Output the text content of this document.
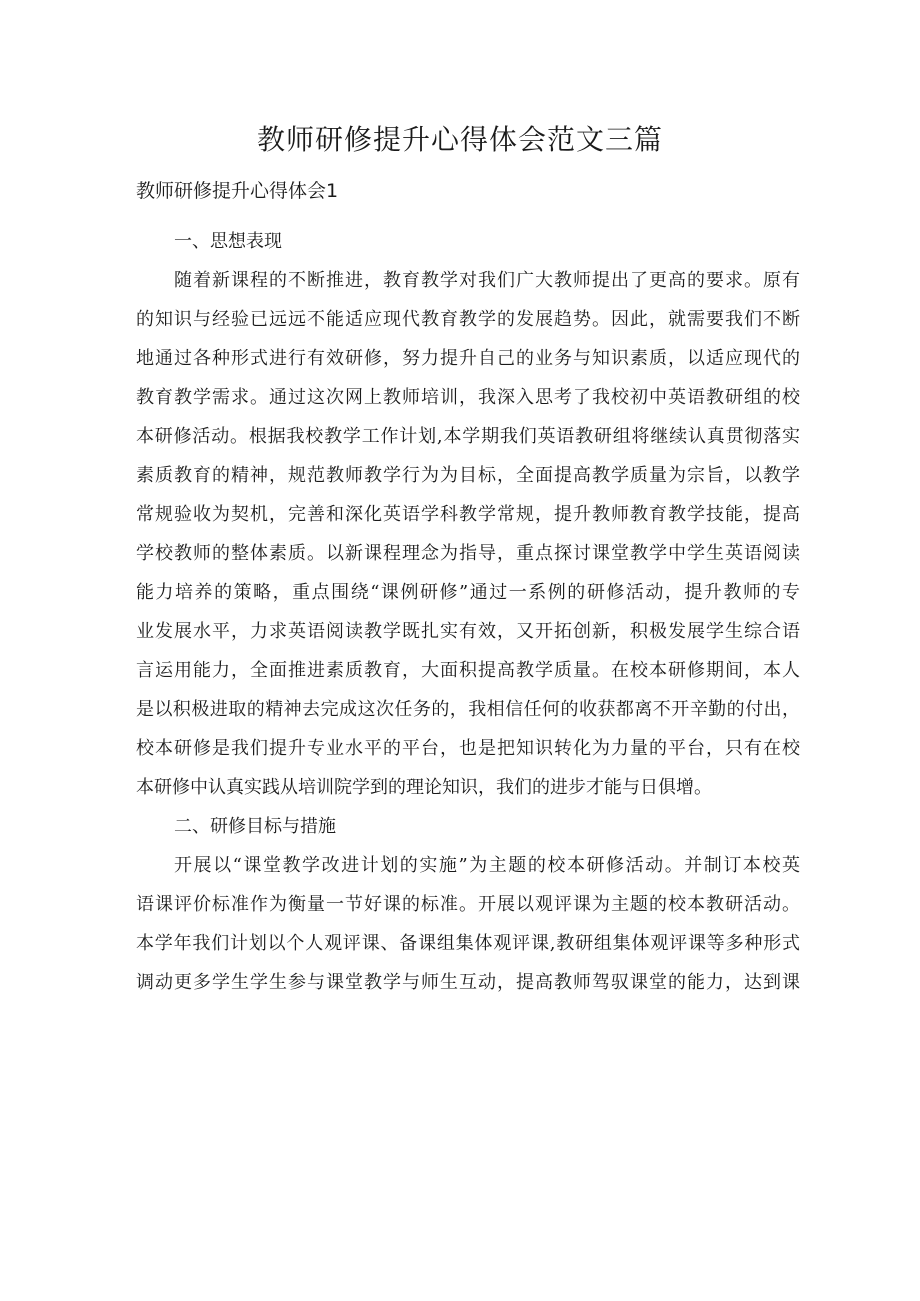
教师研修提升心得体会范文三篇
教师研修提升心得体会1

一、思想表现

随着新课程的不断推进，教育教学对我们广大教师提出了更高的要求。原有
的知识与经验已远远不能适应现代教育教学的发展趋势。因此，就需要我们不断
地通过各种形式进行有效研修，努力提升自己的业务与知识素质，以适应现代的
教育教学需求。通过这次网上教师培训，我深入思考了我校初中英语教研组的校
本研修活动。根据我校教学工作计划,本学期我们英语教研组将继续认真贯彻落实
素质教育的精神，规范教师教学行为为目标，全面提高教学质量为宗旨，以教学
常规验收为契机，完善和深化英语学科教学常规，提升教师教育教学技能，提高
学校教师的整体素质。以新课程理念为指导，重点探讨课堂教学中学生英语阅读
能力培养的策略，重点围绕“课例研修”通过一系例的研修活动，提升教师的专
业发展水平，力求英语阅读教学既扎实有效，又开拓创新，积极发展学生综合语
言运用能力，全面推进素质教育，大面积提高教学质量。在校本研修期间，本人
是以积极进取的精神去完成这次任务的，我相信任何的收获都离不开辛勤的付出，
校本研修是我们提升专业水平的平台，也是把知识转化为力量的平台，只有在校
本研修中认真实践从培训院学到的理论知识，我们的进步才能与日俱增。

二、研修目标与措施

开展以“课堂教学改进计划的实施”为主题的校本研修活动。并制订本校英
语课评价标准作为衡量一节好课的标准。开展以观评课为主题的校本教研活动。
本学年我们计划以个人观评课、备课组集体观评课,教研组集体观评课等多种形式
调动更多学生学生参与课堂教学与师生互动，提高教师驾驭课堂的能力，达到课
